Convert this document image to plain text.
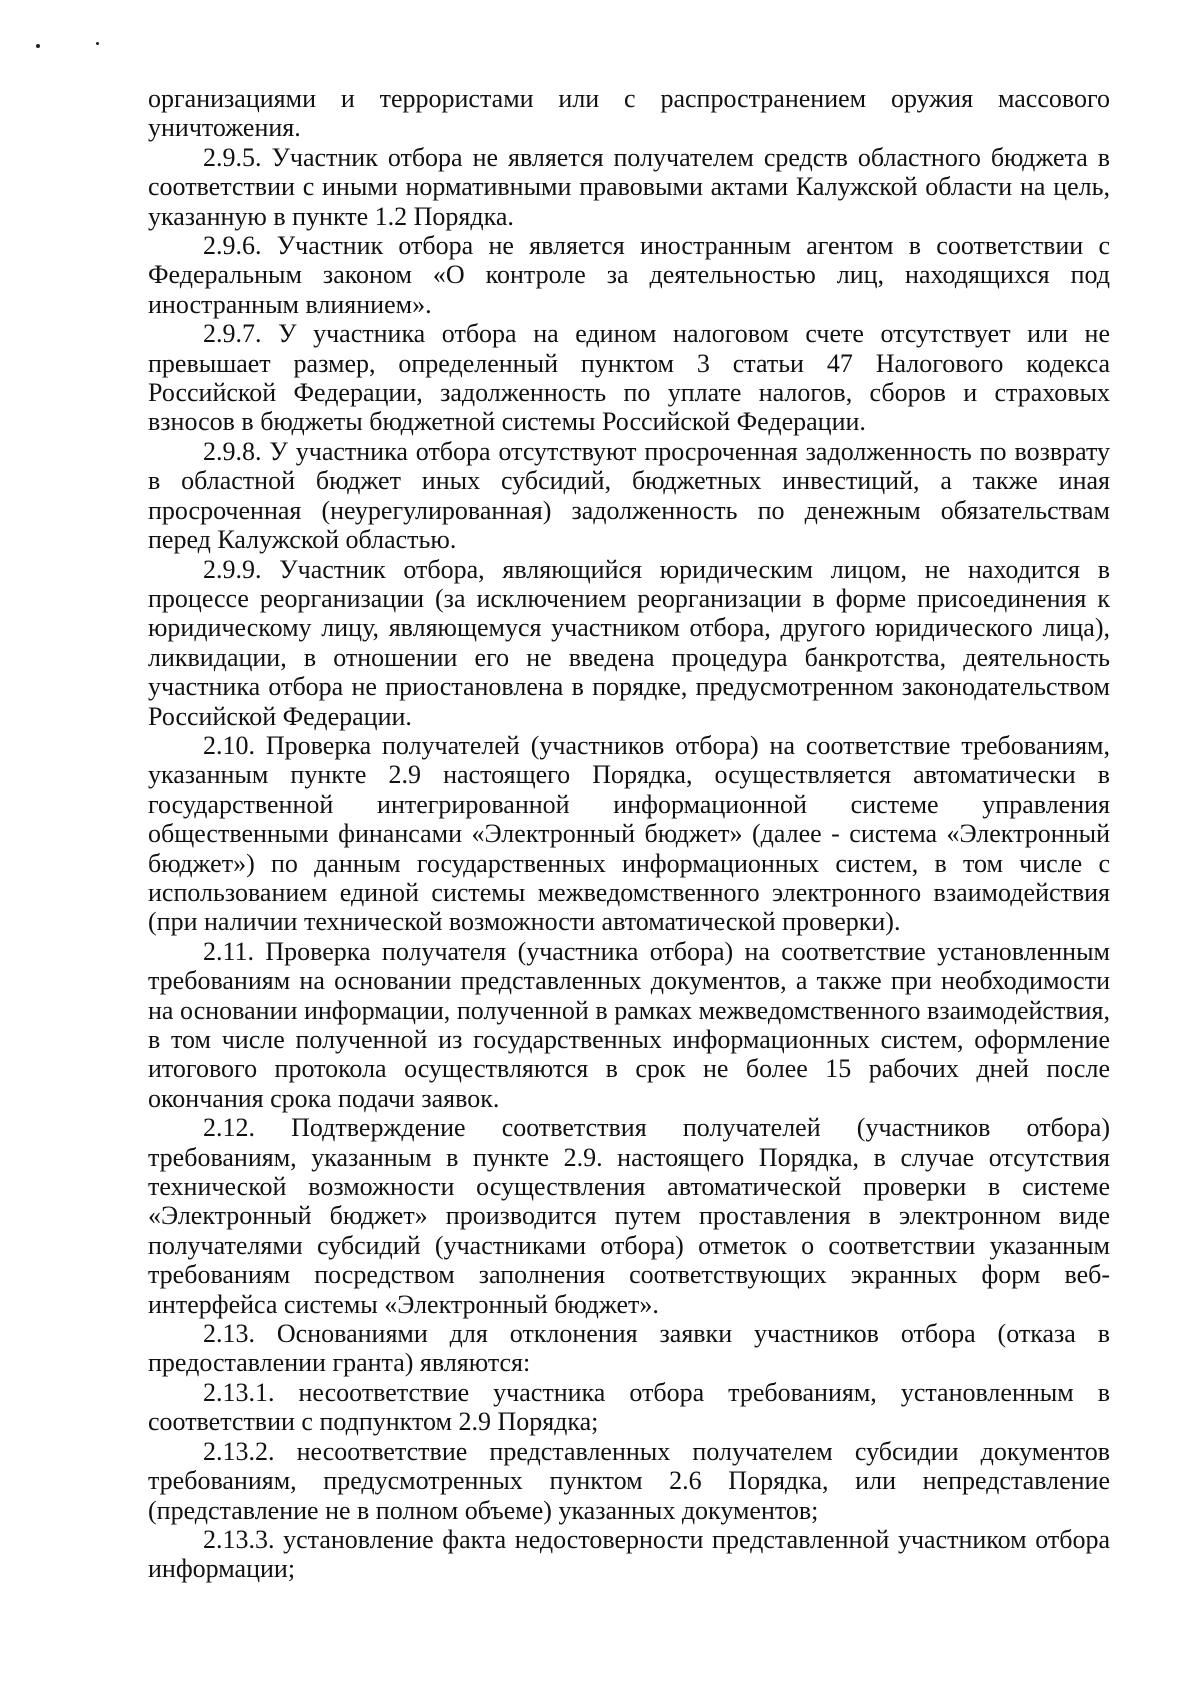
организациями и террористами или с распространением оружия массового уничтожения.

2.9.5. Участник отбора не является получателем средств областного бюджета в соответствии с иными нормативными правовыми актами Калужской области на цель, указанную в пункте 1.2 Порядка.

2.9.6. Участник отбора не является иностранным агентом в соответствии с Федеральным законом «О контроле за деятельностью лиц, находящихся под иностранным влиянием».

2.9.7. У участника отбора на едином налоговом счете отсутствует или не превышает размер, определенный пунктом 3 статьи 47 Налогового кодекса Российской Федерации, задолженность по уплате налогов, сборов и страховых взносов в бюджеты бюджетной системы Российской Федерации.

2.9.8. У участника отбора отсутствуют просроченная задолженность по возврату в областной бюджет иных субсидий, бюджетных инвестиций, а также иная просроченная (неурегулированная) задолженность по денежным обязательствам перед Калужской областью.

2.9.9. Участник отбора, являющийся юридическим лицом, не находится в процессе реорганизации (за исключением реорганизации в форме присоединения к юридическому лицу, являющемуся участником отбора, другого юридического лица), ликвидации, в отношении его не введена процедура банкротства, деятельность участника отбора не приостановлена в порядке, предусмотренном законодательством Российской Федерации.

2.10. Проверка получателей (участников отбора) на соответствие требованиям, указанным пункте 2.9 настоящего Порядка, осуществляется автоматически в государственной интегрированной информационной системе управления общественными финансами «Электронный бюджет» (далее - система «Электронный бюджет») по данным государственных информационных систем, в том числе с использованием единой системы межведомственного электронного взаимодействия (при наличии технической возможности автоматической проверки).

2.11. Проверка получателя (участника отбора) на соответствие установленным требованиям на основании представленных документов, а также при необходимости на основании информации, полученной в рамках межведомственного взаимодействия, в том числе полученной из государственных информационных систем, оформление итогового протокола осуществляются в срок не более 15 рабочих дней после окончания срока подачи заявок.

2.12. Подтверждение соответствия получателей (участников отбора) требованиям, указанным в пункте 2.9. настоящего Порядка, в случае отсутствия технической возможности осуществления автоматической проверки в системе «Электронный бюджет» производится путем проставления в электронном виде получателями субсидий (участниками отбора) отметок о соответствии указанным требованиям посредством заполнения соответствующих экранных форм веб-интерфейса системы «Электронный бюджет».

2.13. Основаниями для отклонения заявки участников отбора (отказа в предоставлении гранта) являются:

2.13.1. несоответствие участника отбора требованиям, установленным в соответствии с подпунктом 2.9 Порядка;

2.13.2. несоответствие представленных получателем субсидии документов требованиям, предусмотренных пунктом 2.6 Порядка, или непредставление (представление не в полном объеме) указанных документов;

2.13.3. установление факта недостоверности представленной участником отбора информации;
